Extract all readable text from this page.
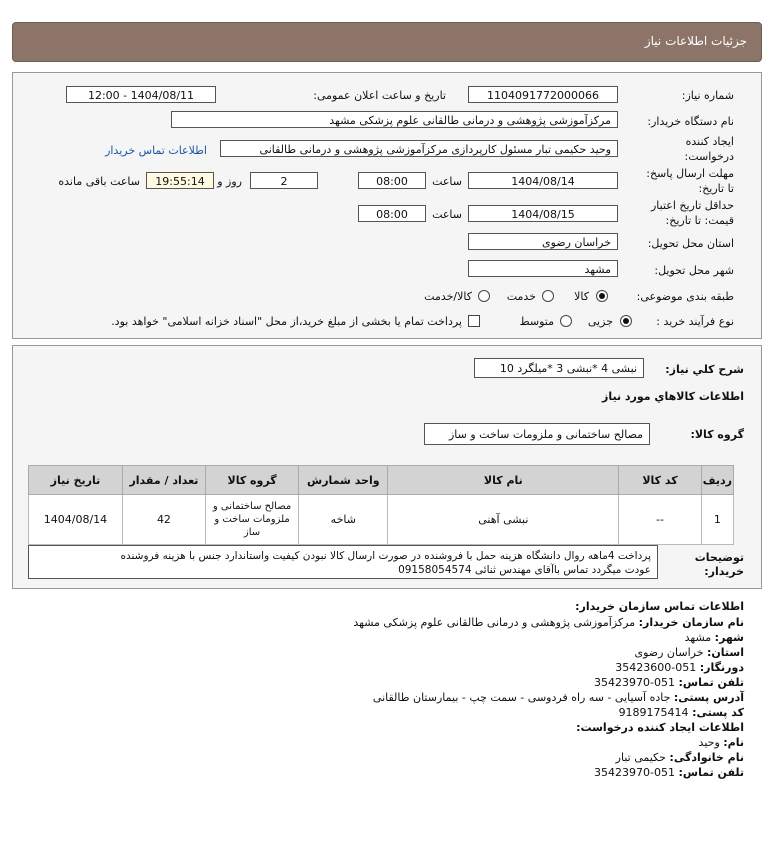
جزئیات اطلاعات نیاز
شماره نیاز:
1104091772000066
تاریخ و ساعت اعلان عمومی:
1404/08/11 - 12:00
نام دستگاه خریدار:
مرکزآموزشی پژوهشی و درمانی طالقانی علوم پزشکی مشهد
ایجاد کننده
درخواست:
وحید حکیمی تبار مسئول کارپردازی مرکزآموزشی پژوهشی و درمانی طالقانی
اطلاعات تماس خریدار
مهلت ارسال پاسخ:
تا تاریخ:
1404/08/14
ساعت
08:00
2
روز و
19:55:14
ساعت باقی مانده
حداقل تاریخ اعتبار
قیمت: تا تاریخ:
1404/08/15
ساعت
08:00
استان محل تحویل:
خراسان رضوی
شهر محل تحویل:
مشهد
طبقه بندی موضوعی:
کالا
خدمت
کالا/خدمت
نوع فرآیند خرید :
جزیی
متوسط
پرداخت تمام یا بخشی از مبلغ خرید،از محل "اسناد خزانه اسلامی" خواهد بود.
شرح کلي نياز:
نبشی 4 *نبشی 3 *میلگرد 10
اطلاعات کالاهاي مورد نياز
گروه کالا:
مصالح ساختمانی و ملزومات ساخت و ساز
ردیف	کد کالا	نام کالا	واحد شمارش	گروه کالا	تعداد / مقدار	تاریخ نیاز
1	--	نبشی آهنی	شاخه	مصالح ساختمانی و ملزومات ساخت و ساز	42	1404/08/14
توضیحات
خریدار:
پرداخت 4ماهه روال دانشگاه هزینه حمل با فروشنده در صورت ارسال کالا نبودن کیفیت واستاندارد جنس با هزینه فروشنده
عودت میگردد تماس باآقای مهندس ثنائی 09158054574
اطلاعات تماس سازمان خریدار:
نام سازمان خریدار: مرکزآموزشی پژوهشی و درمانی طالقانی علوم پزشکی مشهد
شهر: مشهد
استان: خراسان رضوی
دورنگار: 051-35423600
تلفن تماس: 051-35423970
آدرس پستی: جاده آسیایی - سه راه فردوسی - سمت چپ - بیمارستان طالقانی
کد پستی: 9189175414
اطلاعات ایجاد کننده درخواست:
نام: وحید
نام خانوادگی: حکیمی تبار
تلفن تماس: 051-35423970
